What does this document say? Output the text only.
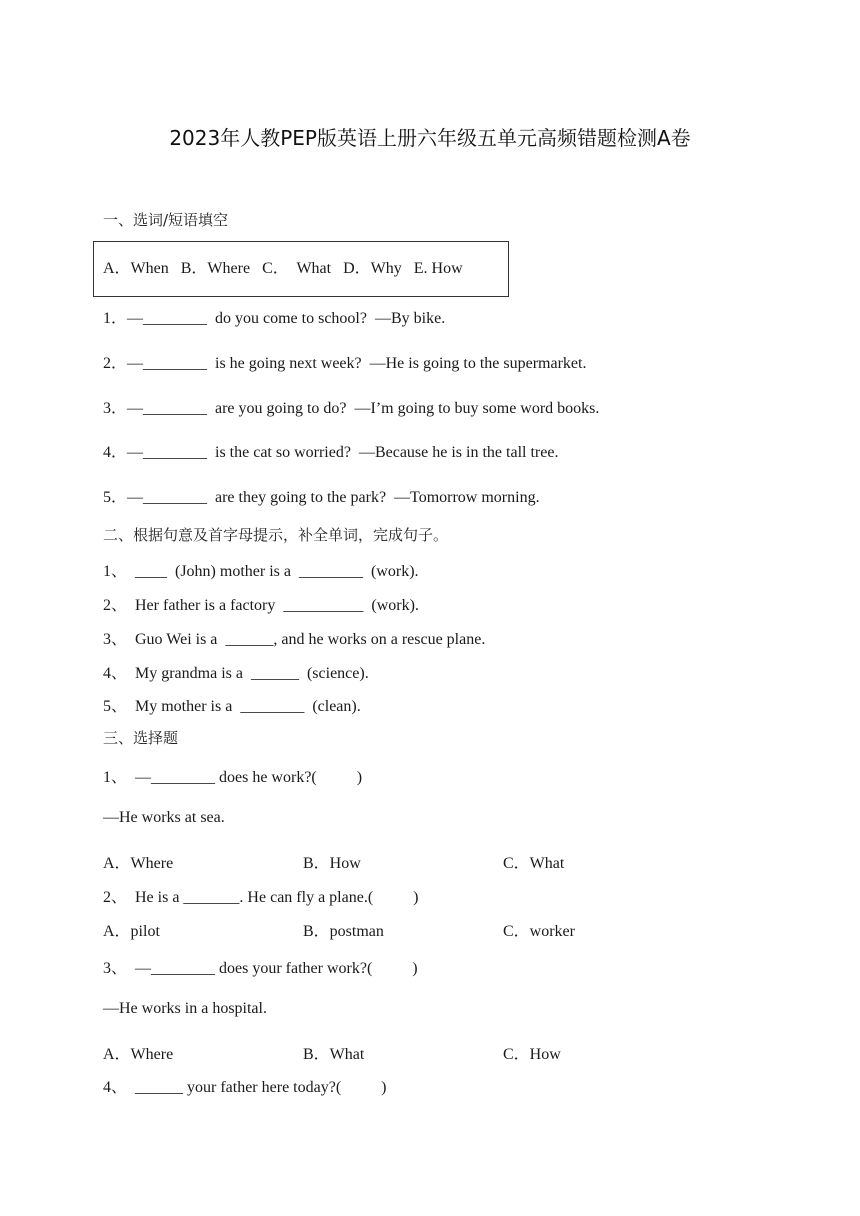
2023年人教PEP版英语上册六年级五单元高频错题检测A卷
一、选词/短语填空
A．When   B．Where   C．  What   D．Why   E. How
1．—________  do you come to school?  —By bike.
2．—________  is he going next week?  —He is going to the supermarket.
3．—________  are you going to do?  —I’m going to buy some word books.
4．—________  is the cat so worried?  —Because he is in the tall tree.
5．—________  are they going to the park?  —Tomorrow morning.
二、根据句意及首字母提示，补全单词，完成句子。
1、  ____  (John) mother is a  ________  (work).
2、  Her father is a factory  __________  (work).
3、  Guo Wei is a  ______, and he works on a rescue plane.
4、  My grandma is a  ______  (science).
5、  My mother is a  ________  (clean).
三、选择题
1、  —________ does he work?(          )
—He works at sea.
A．Where	B．How	C．What
2、  He is a _______. He can fly a plane.(          )
A．pilot	B．postman	C．worker
3、  —________ does your father work?(          )
—He works in a hospital.
A．Where	B．What	C．How
4、  ______ your father here today?(          )
